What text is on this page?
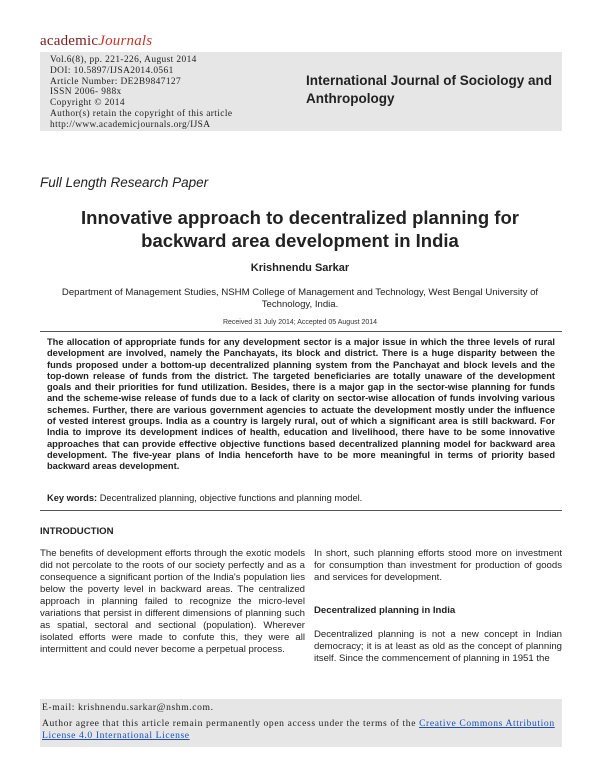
academicJournals
Vol.6(8), pp. 221-226, August 2014
DOI: 10.5897/IJSA2014.0561
Article Number: DE2B9847127
ISSN 2006- 988x
Copyright © 2014
Author(s) retain the copyright of this article
http://www.academicjournals.org/IJSA
International Journal of Sociology and Anthropology
Full Length Research Paper
Innovative approach to decentralized planning for backward area development in India
Krishnendu Sarkar
Department of Management Studies, NSHM College of Management and Technology, West Bengal University of Technology, India.
Received 31 July 2014; Accepted 05 August 2014
The allocation of appropriate funds for any development sector is a major issue in which the three levels of rural development are involved, namely the Panchayats, its block and district. There is a huge disparity between the funds proposed under a bottom-up decentralized planning system from the Panchayat and block levels and the top-down release of funds from the district. The targeted beneficiaries are totally unaware of the development goals and their priorities for fund utilization. Besides, there is a major gap in the sector-wise planning for funds and the scheme-wise release of funds due to a lack of clarity on sector-wise allocation of funds involving various schemes. Further, there are various government agencies to actuate the development mostly under the influence of vested interest groups. India as a country is largely rural, out of which a significant area is still backward. For India to improve its development indices of health, education and livelihood, there have to be some innovative approaches that can provide effective objective functions based decentralized planning model for backward area development. The five-year plans of India henceforth have to be more meaningful in terms of priority based backward areas development.
Key words: Decentralized planning, objective functions and planning model.
INTRODUCTION
The benefits of development efforts through the exotic models did not percolate to the roots of our society perfectly and as a consequence a significant portion of the India's population lies below the poverty level in backward areas. The centralized approach in planning failed to recognize the micro-level variations that persist in different dimensions of planning such as spatial, sectoral and sectional (population). Wherever isolated efforts were made to confute this, they were all intermittent and could never become a perpetual process.
In short, such planning efforts stood more on investment for consumption than investment for production of goods and services for development.
Decentralized planning in India
Decentralized planning is not a new concept in Indian democracy; it is at least as old as the concept of planning itself. Since the commencement of planning in 1951 the
E-mail: krishnendu.sarkar@nshm.com.
Author agree that this article remain permanently open access under the terms of the Creative Commons Attribution License 4.0 International License
